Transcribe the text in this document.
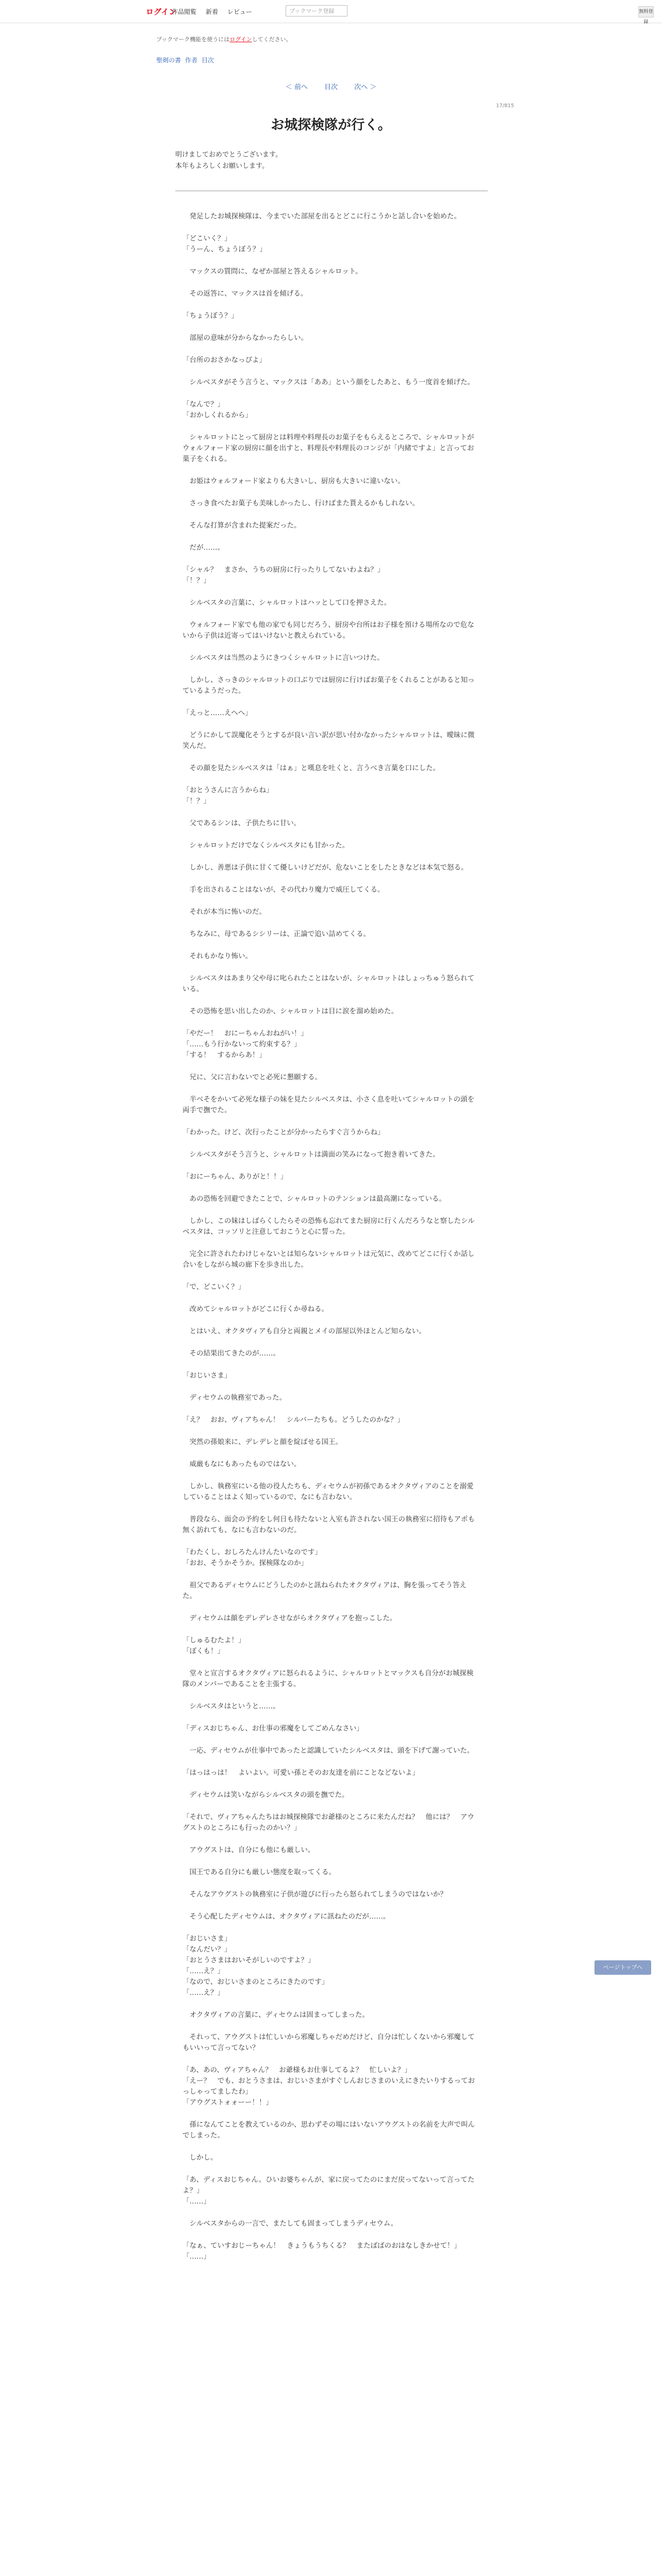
ログイン
作品閲覧 新着 レビュー	ブックマーク登録	無料登録
ブックマーク機能を使うにはログインしてください。
聖剣の書 作者 目次
＜ 前へ 目次 次へ ＞
17/815
お城探検隊が行く。
明けましておめでとうございます。
本年もよろしくお願いします。

　発足したお城探検隊は、今までいた部屋を出るとどこに行こうかと話し合いを始めた。

「どこいく？」
「うーん、ちょうぼう？」

　マックスの質問に、なぜか部屋と答えるシャルロット。

　その返答に、マックスは首を傾げる。

「ちょうぼう？」

　部屋の意味が分からなかったらしい。

「台所のおさかなっぴよ」

　シルベスタがそう言うと、マックスは「ああ」という顔をしたあと、もう一度首を傾げた。

「なんで？」
「おかしくれるから」

　シャルロットにとって厨房とは料理や料理長のお菓子をもらえるところで、シャルロットがウォルフォード家の厨房に顔を出すと、料理長や料理長のコンジが「内緒ですよ」と言ってお菓子をくれる。

　お姫はウォルフォード家よりも大きいし、厨房も大きいに違いない。

　さっき食べたお菓子も美味しかったし、行けばまた貰えるかもしれない。

　そんな打算が含まれた提案だった。

　だが……。

「シャル？　まさか、うちの厨房に行ったりしてないわよね？」
「！？」

　シルベスタの言葉に、シャルロットはハッとして口を押さえた。

　ウォルフォード家でも他の家でも同じだろう、厨房や台所はお子様を預ける場所なので危ないから子供は近寄ってはいけないと教えられている。

　シルベスタは当然のようにきつくシャルロットに言いつけた。

　しかし、さっきのシャルロットの口ぶりでは厨房に行けばお菓子をくれることがあると知っているようだった。

「えっと……えへへ」

　どうにかして誤魔化そうとするが良い言い訳が思い付かなかったシャルロットは、曖昧に微笑んだ。

　その顔を見たシルベスタは「はぁ」と嘆息を吐くと、言うべき言葉を口にした。

「おとうさんに言うからね」
「！？」

　父であるシンは、子供たちに甘い。

　シャルロットだけでなくシルベスタにも甘かった。

　しかし、善悪は子供に甘くて優しいけどだが、危ないことをしたときなどは本気で怒る。

　手を出されることはないが、その代わり魔力で威圧してくる。

　それが本当に怖いのだ。

　ちなみに、母であるシシリーは、正論で追い詰めてくる。

　それもかなり怖い。

　シルベスタはあまり父や母に叱られたことはないが、シャルロットはしょっちゅう怒られている。

　その恐怖を思い出したのか、シャルロットは目に涙を溜め始めた。

「やだー！　おにーちゃんおねがい！」
「……もう行かないって約束する？」
「する！　するからあ！」

　兄に、父に言わないでと必死に懇願する。

　半べそをかいて必死な様子の妹を見たシルベスタは、小さく息を吐いてシャルロットの頭を両手で撫でた。

「わかった。けど、次行ったことが分かったらすぐ言うからね」

　シルベスタがそう言うと、シャルロットは満面の笑みになって抱き着いてきた。

「おにーちゃん、ありがと！！」

　あの恐怖を回避できたことで、シャルロットのテンションは最高潮になっている。

　しかし、この妹はしばらくしたらその恐怖も忘れてまた厨房に行くんだろうなと察したシルベスタは、コッソリと注意しておこうと心に誓った。

　完全に許されたわけじゃないとは知らないシャルロットは元気に、改めてどこに行くか話し合いをしながら城の廊下を歩き出した。

「で、どこいく？」

　改めてシャルロットがどこに行くか尋ねる。

　とはいえ、オクタヴィアも自分と両親とメイの部屋以外ほとんど知らない。

　その結果出てきたのが……。

「おじいさま」

　ディセウムの執務室であった。

「え？　おお、ヴィアちゃん！　シルバーたちも。どうしたのかな？」

　突然の孫娘来に、デレデレと顔を綻ばせる国王。

　威厳もなにもあったものではない。

　しかし、執務室にいる他の役人たちも、ディセウムが初孫であるオクタヴィアのことを溺愛していることはよく知っているので、なにも言わない。

　普段なら、面会の予約をし何日も待たないと入室も許されない国王の執務室に招待もアポも無く訪れても、なにも言わないのだ。

「わたくし、おしろたんけんたいなのです」
「おお、そうかそうか。探検隊なのか」

　祖父であるディセウムにどうしたのかと訊ねられたオクタヴィアは、胸を張ってそう答えた。

　ディセウムは顔をデレデレさせながらオクタヴィアを抱っこした。

「しゅるむたよ！」
「ぼくも！」

　堂々と宣言するオクタヴィアに怒られるように、シャルロットとマックスも自分がお城探検隊のメンバーであることを主張する。

　シルベスタはというと……。

「ディスおじちゃん、お仕事の邪魔をしてごめんなさい」

　一応、ディセウムが仕事中であったと認識していたシルベスタは、頭を下げて謝っていた。

「はっはっは！　よいよい。可愛い孫とそのお友達を前にことなどないよ」

　ディセウムは笑いながらシルベスタの頭を撫でた。

「それで、ヴィアちゃんたちはお城探検隊でお爺様のところに来たんだね？　他には？　アウグストのところにも行ったのかい？」

　アウグストは、自分にも他にも厳しい。

　国王である自分にも厳しい態度を取ってくる。

　そんなアウグストの執務室に子供が遊びに行ったら怒られてしまうのではないか？

　そう心配したディセウムは、オクタヴィアに訊ねたのだが……。

「おじいさま」
「なんだい？」
「おとうさまはおいそがしいのですよ？」
「……え？」
「なので、おじいさまのところにきたのです」
「……え？」

　オクタヴィアの言葉に、ディセウムは固まってしまった。

　それって、アウグストは忙しいから邪魔しちゃだめだけど、自分は忙しくないから邪魔してもいいって言ってない？

「あ、あの、ヴィアちゃん？　お爺様もお仕事してるよ？　忙しいよ？」
「えー？　でも、おとうさまは、おじいさまがすぐしんおじさまのいえにきたいりするっておっしゃってましたわ」
「アウグストォォーー！！」

　孫になんてことを教えているのか、思わずその場にはいないアウグストの名前を大声で叫んでしまった。

　しかし。

「あ、ディスおじちゃん。ひいお婆ちゃんが、家に戻ってたのにまだ戻ってないって言ってたよ？」
「……」

　シルベスタからの一言で、またしても固まってしまうディセウム。

「なぁ、ていすおじーちゃん！　きょうもうちくる？　またばばのおはなしきかせて！」
「……」

ページトップへ
